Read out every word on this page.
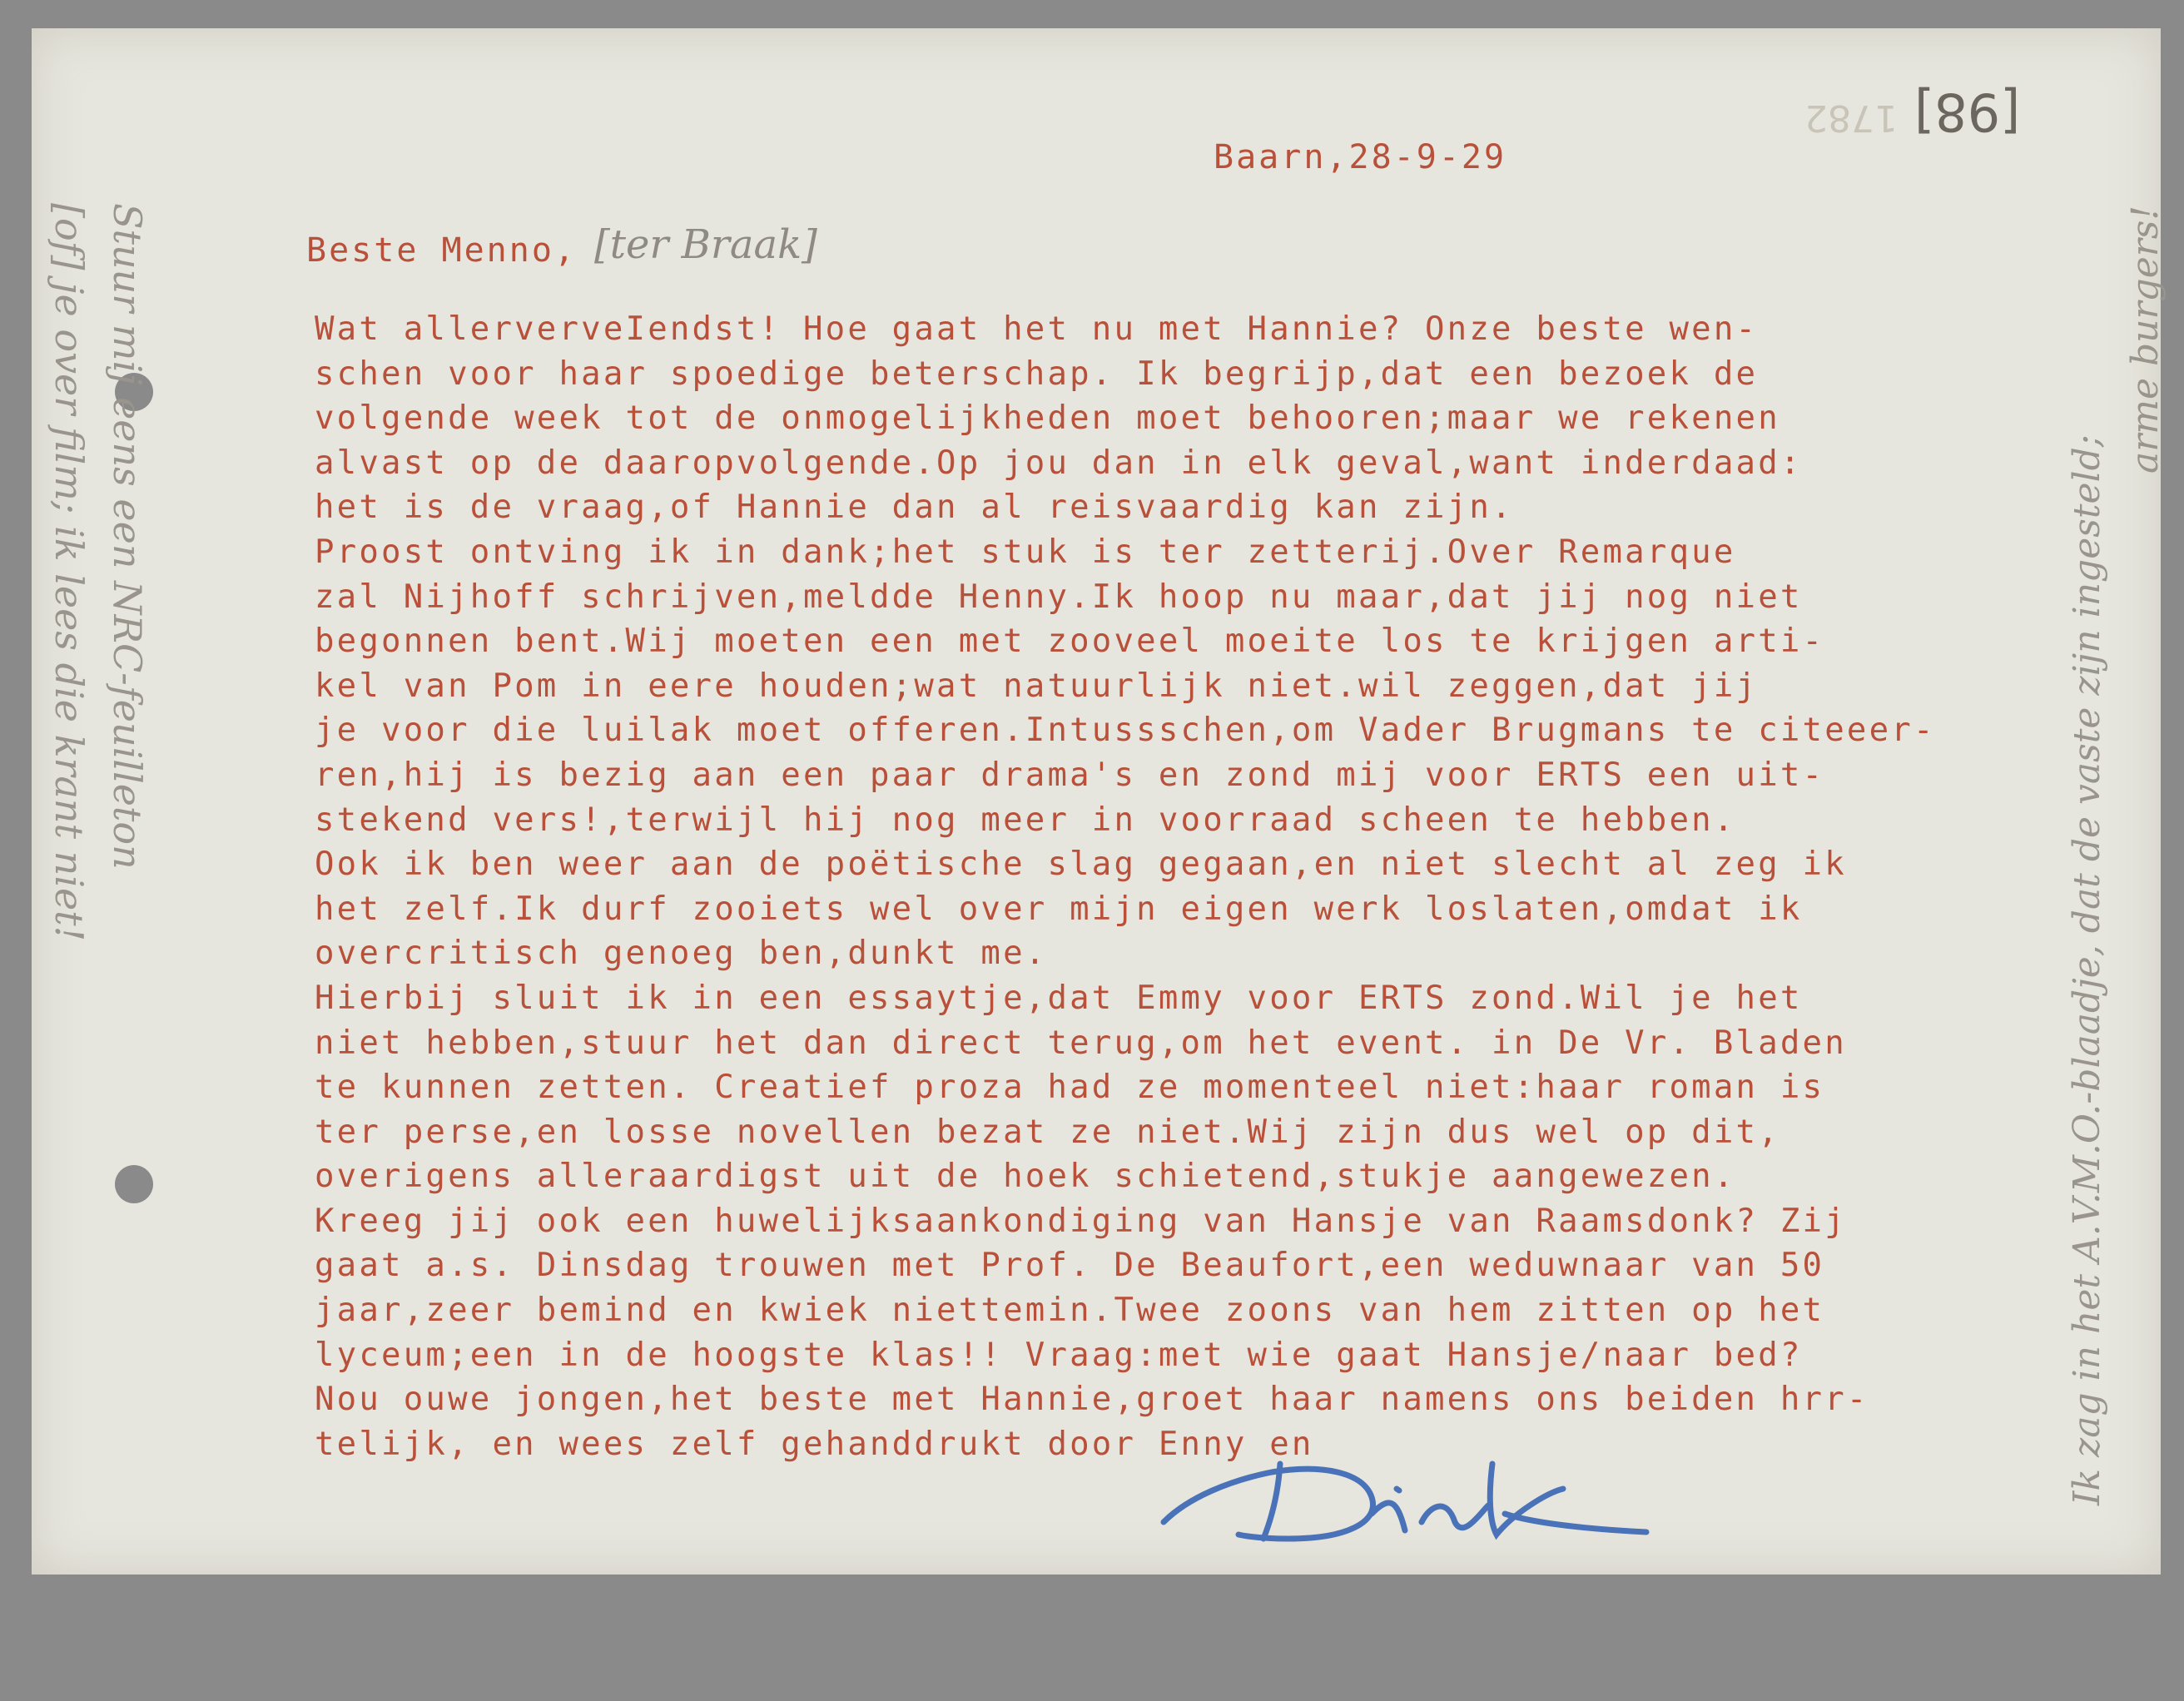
1782 [98]
Baarn,28-9-29
Beste Menno, [ter Braak]
Wat allerverveIendst! Hoe gaat het nu met Hannie? Onze beste wen-
schen voor haar spoedige beterschap. Ik begrijp,dat een bezoek de
volgende week tot de onmogelijkheden moet behooren;maar we rekenen
alvast op de daaropvolgende.Op jou dan in elk geval,want inderdaad:
het is de vraag,of Hannie dan al reisvaardig kan zijn.
Proost ontving ik in dank;het stuk is ter zetterij.Over Remarque
zal Nijhoff schrijven,meldde Henny.Ik hoop nu maar,dat jij nog niet
begonnen bent.Wij moeten een met zooveel moeite los te krijgen arti-
kel van Pom in eere houden;wat natuurlijk niet.wil zeggen,dat jij
je voor die luilak moet offeren.Intussschen,om Vader Brugmans te citeeer-
ren,hij is bezig aan een paar drama's en zond mij voor ERTS een uit-
stekend vers!,terwijl hij nog meer in voorraad scheen te hebben.
Ook ik ben weer aan de poëtische slag gegaan,en niet slecht al zeg ik
het zelf.Ik durf zooiets wel over mijn eigen werk loslaten,omdat ik
overcritisch genoeg ben,dunkt me.
Hierbij sluit ik in een essaytje,dat Emmy voor ERTS zond.Wil je het
niet hebben,stuur het dan direct terug,om het event. in De Vr. Bladen
te kunnen zetten. Creatief proza had ze momenteel niet:haar roman is
ter perse,en losse novellen bezat ze niet.Wij zijn dus wel op dit,
overigens alleraardigst uit de hoek schietend,stukje aangewezen.
Kreeg jij ook een huwelijksaankondiging van Hansje van Raamsdonk? Zij
gaat a.s. Dinsdag trouwen met Prof. De Beaufort,een weduwnaar van 50
jaar,zeer bemind en kwiek niettemin.Twee zoons van hem zitten op het
lyceum;een in de hoogste klas!! Vraag:met wie gaat Hansje/naar bed?
Nou ouwe jongen,het beste met Hannie,groet haar namens ons beiden hrr-
telijk, en wees zelf gehanddrukt door Enny en
Stuur mij eens een NRC-feuilleton
[of] je over film; ik lees die krant niet!	Ik zag in het A.V.M.O.-blaadje, dat de vaste zijn ingesteld;
arme burgers!
